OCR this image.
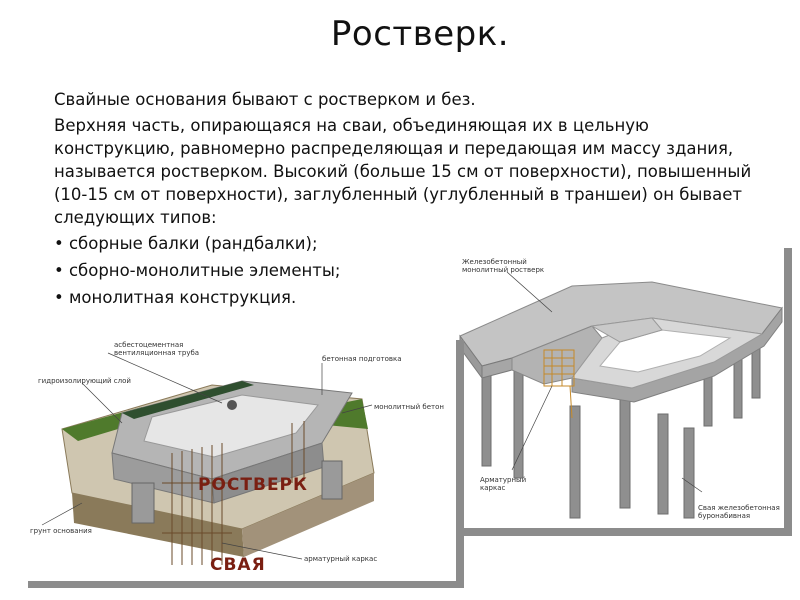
Ростверк.

Свайные основания бывают с ростверком и без.

Верхняя часть, опирающаяся на сваи, объединяющая их в цельную конструкцию, равномерно распределяющая и передающая им массу здания, называется ростверком. Высокий (больше 15 см от поверхности), повышенный (10-15 см от поверхности), заглубленный (углубленный в траншеи) он бывает следующих типов:

• сборные балки (рандбалки);
• сборно-монолитные элементы;
• монолитная конструкция.
Железобетонный
монолитный ростверк
Арматурный
каркас
Свая железобетонная
буронабивная
асбестоцементная
вентиляционная труба
гидроизолирующий слой
бетонная подготовка
монолитный бетон
грунт основания
арматурный каркас
РОСТВЕРК
СВАЯ
